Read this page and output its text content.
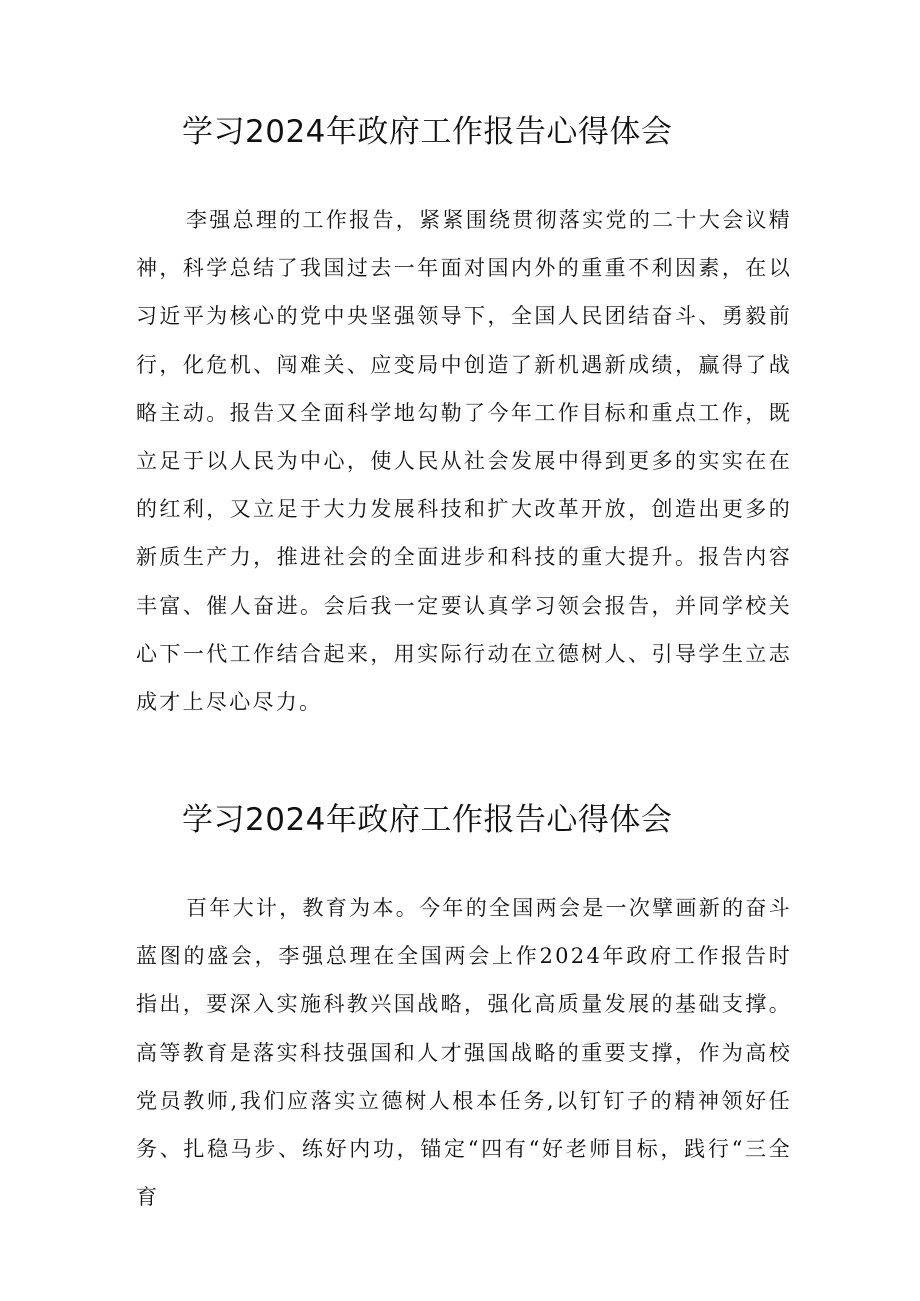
学习2024年政府工作报告心得体会

李强总理的工作报告，紧紧围绕贯彻落实党的二十大会议精神，科学总结了我国过去一年面对国内外的重重不利因素，在以习近平为核心的党中央坚强领导下，全国人民团结奋斗、勇毅前行，化危机、闯难关、应变局中创造了新机遇新成绩，赢得了战略主动。报告又全面科学地勾勒了今年工作目标和重点工作，既立足于以人民为中心，使人民从社会发展中得到更多的实实在在的红利，又立足于大力发展科技和扩大改革开放，创造出更多的新质生产力，推进社会的全面进步和科技的重大提升。报告内容丰富、催人奋进。会后我一定要认真学习领会报告，并同学校关心下一代工作结合起来，用实际行动在立德树人、引导学生立志成才上尽心尽力。

学习2024年政府工作报告心得体会

百年大计，教育为本。今年的全国两会是一次擘画新的奋斗蓝图的盛会，李强总理在全国两会上作2024年政府工作报告时指出，要深入实施科教兴国战略，强化高质量发展的基础支撑。高等教育是落实科技强国和人才强国战略的重要支撑，作为高校党员教师,我们应落实立德树人根本任务,以钉钉子的精神领好任务、扎稳马步、练好内功，锚定“四有“好老师目标，践行“三全育
